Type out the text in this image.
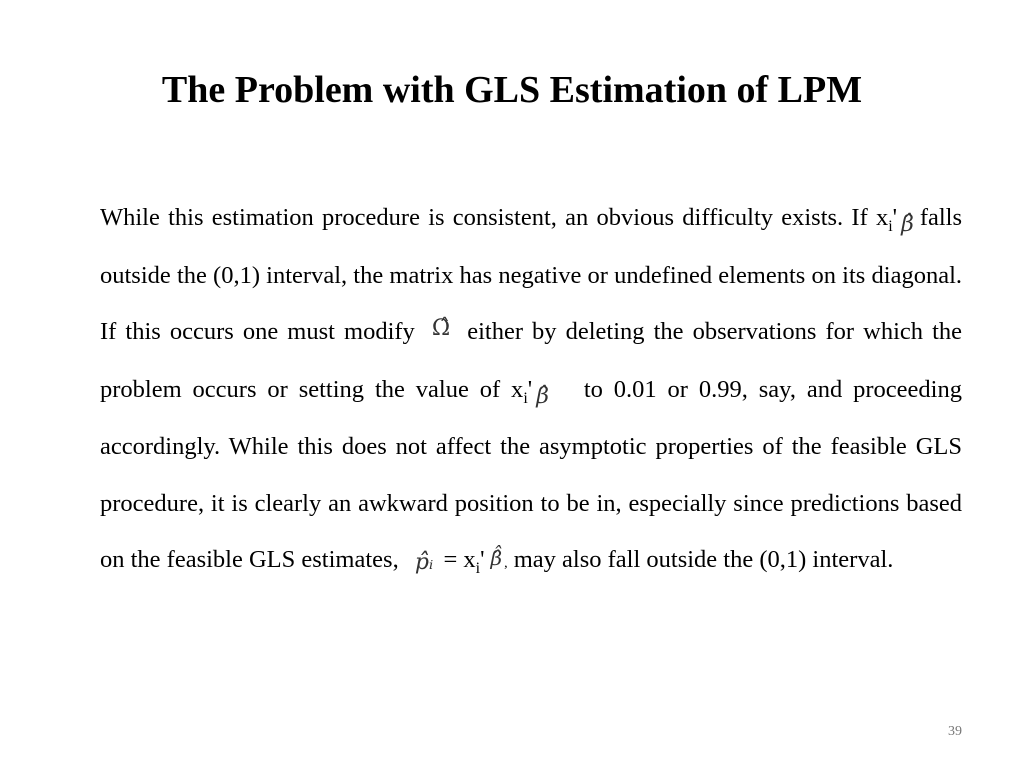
The Problem with GLS Estimation of LPM

While this estimation procedure is consistent, an obvious difficulty exists. If $x_i'$ β̂ falls outside the (0,1) interval, the matrix has negative or undefined elements on its diagonal. If this occurs one must modify Ω̂ either by deleting the observations for which the problem occurs or setting the value of $x_i'$ β̂ to 0.01 or 0.99, say, and proceeding accordingly. While this does not affect the asymptotic properties of the feasible GLS procedure, it is clearly an awkward position to be in, especially since predictions based on the feasible GLS estimates, p̂̂ᵢ = $x_i'$ β̂̂ , may also fall outside the (0,1) interval.

39
